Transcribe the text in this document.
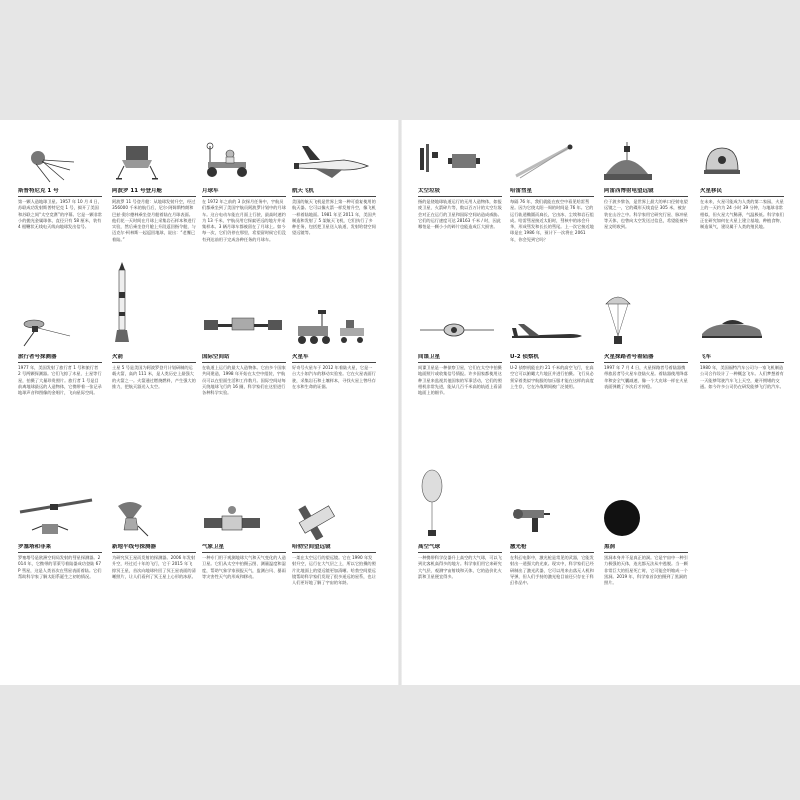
斯普特尼克 1 号
第一颗人造地球卫星。1957 年 10 月 4 日，苏联成功发射斯普特尼克 1 号，揭开了美国和苏联之间“太空竞赛”的序幕。它是一颗非常小的抛光金属球体，直径只有 58 厘米，装有 4 根鞭状无线电天线向地球发出信号。
阿波罗 11 号登月舱
阿波罗 11 号登月舱：从地球发射升空，经过 356000 千米的航行后，尼尔·阿姆斯特朗和巴兹·奥尔德林乘坐登月舱着陆在月球表面。他们花一天时间在月球上采集岩石样本和进行实验，然后乘坐登月舱上升段返回指令舱，与迈克尔·柯林斯一起返回地球，说出：“老鹰已着陆。”
月球车
在 1972 年之前的 3 次探月任务中，宇航员们都乘坐到了美国宇航员阿波罗计划中的月球车。这台电动车能在月面上行驶，最高时速约为 13 千米，宇航员用它探索更远的地方并采集样本。3 辆月球车都被留在了月球上。如今每一次，它们仍停在那里，希望留时候它们没有到达前用于完成各种任务的月球车。
航天飞机
美国的航天飞机是世界上第一种可重复使用的航天器。它可以像火箭一样发射升空，像飞机一样着陆地面。1981 年至 2011 年，美国共制造和发射了 5 架航天飞机，它们执行了多种任务，包括把卫星送入轨道、发射哈勃空间望远镜等。
太空垃圾
指的是绕地球轨道运行的无用人造物体，如报废卫星、火箭碎片等，数以百万计的太空垃圾会对正在运行的卫星和国际空间站造成威胁。它们的运行速度可达 28163 千米 / 时，因此哪怕是一颗小小的碎片也能造成巨大损害。
哈雷彗星
每隔 76 年，我们就能在夜空中看见哈雷彗星。因为它绕太阳一周的时间是 76 年。它的运行轨道椭圆而扁长，它由冰、尘埃和岩石组成。哈雷彗星接近太阳时，彗核中的冰会升华，形成彗发和长长的彗尾。上一次它接近地球是在 1986 年，预计下一次将在 2061 年，你会见到它吗？
阿雷西博射电望远镜
位于波多黎各，是世界上最大的单口径射电望远镜之一，它的碟形天线直径 305 米，被安装在山谷之中。科学家用它研究行星、脉冲星等天体，也曾向太空发送过信息，希望能被外星文明收到。
火星移民
在未来，火星可能成为人类的第二家园，火星上的一天约为 24 小时 39 分钟，与地球非常相似，但火星大气稀薄，气温极低。科学家们正在研究如何在火星上建立基地、种植食物、制造氧气，建设属于人类的殖民地。
旅行者号探测器
1977 年，美国发射了旅行者 1 号和旅行者 2 号两颗探测器。它们飞掠了木星、土星等行星，拍摄了大量珍贵照片。旅行者 1 号是目前离地球最远的人造物体，它携带着一张记录地球声音和图像的金唱片，飞向星际空间。
火箭
土星 5 号是美国为阿波罗登月计划研制的运载火箭，高约 111 米，是人类历史上最强大的火箭之一。火箭通过燃烧燃料，产生强大的推力，把航天器送入太空。
国际空间站
在轨道上运行的最大人造物体。它由多个国家共同建造，1998 年开始在太空中组装，宇航员可以在里面生活和工作数月。国际空间站每天绕地球飞行约 16 圈，科学家们在这里进行各种科学实验。
火星车
好奇号火星车于 2012 年着陆火星，它是一台大小如汽车的移动实验室。它在火星表面行驶，采集岩石和土壤样本，寻找火星上曾经存在水和生命的证据。
间谍卫星
间谍卫星是一种侦察卫星，它们在太空中拍摄地面照片或收集信号情报。许多国家都使用这种卫星来监视其他国家的军事活动，它们的照相机非常先进，能从几百千米高的轨道上看清地面上的细节。
U-2 侦察机
U-2 侦察机能在约 21 千米的高空飞行，在高空它可以俯瞰大片地区并进行拍摄。飞行员必须穿着类似宇航服的加压服才能在这样的高度上生存，它在冷战期间被广泛使用。
火星探路者号着陆器
1997 年 7 月 4 日，火星探路者号着陆器携带旅居者号火星车登陆火星。着陆器使用降落伞和安全气囊减速，像一个大皮球一样在火星表面弹跳了多次后才停稳。
飞车
1980 年，美国福特汽车公司与一家飞机制造公司合作设计了一种概念飞车。人们梦想着有一天能够驾驶汽车飞上天空，避开拥堵的交通。如今许多公司仍在研发能够飞行的汽车。
罗塞塔和菲莱
罗塞塔号是欧洲空间局发射的彗星探测器。2014 年，它携带的菲莱号着陆器成功登陆 67P 彗星，这是人类首次在彗星表面着陆。它们帮助科学家了解太阳系诞生之初的情况。
新地平线号探测器
为研究冥王星而发射的探测器。2006 年发射升空，经过近十年的飞行，它于 2015 年飞掠冥王星，首次向地球传回了冥王星表面的清晰照片，让人们看到了冥王星上心形的冰原。
气象卫星
一种专门用于观测地球大气和天气变化的人造卫星。它们从太空中拍摄云图、测量温度和湿度，帮助气象学家预报天气，监测台风、暴雨等灾害性天气的形成和移动。
哈勃空间望远镜
一架在太空运行的望远镜。它在 1990 年发射升空，运行在大气层之上，所以它拍摄的照片比地面上的望远镜更加清晰。哈勃空间望远镜帮助科学家们发现了很多遥远的星系，也让人们更好地了解了宇宙的年龄。
高空气球
一种携带科学仪器升上高空的大气球，可以飞到比客机高得多的地方。科学家们用它来研究大气层、观测宇宙射线和天体，它的造价比火箭和卫星便宜得多。
激光枪
在科幻电影中，激光枪是常见的武器，它能发射出一道强大的光束。现实中，科学家们已经研制出了激光武器，它可以用来击落无人机和导弹，但人们手持的激光枪目前还只存在于科幻作品中。
黑洞
黑洞本身并不是真正的洞。它是宇宙中一种引力极强的天体，连光都无法从中逃脱。当一颗非常巨大的恒星死亡时，它可能会坍缩成一个黑洞。2019 年，科学家首次拍摄到了黑洞的照片。
